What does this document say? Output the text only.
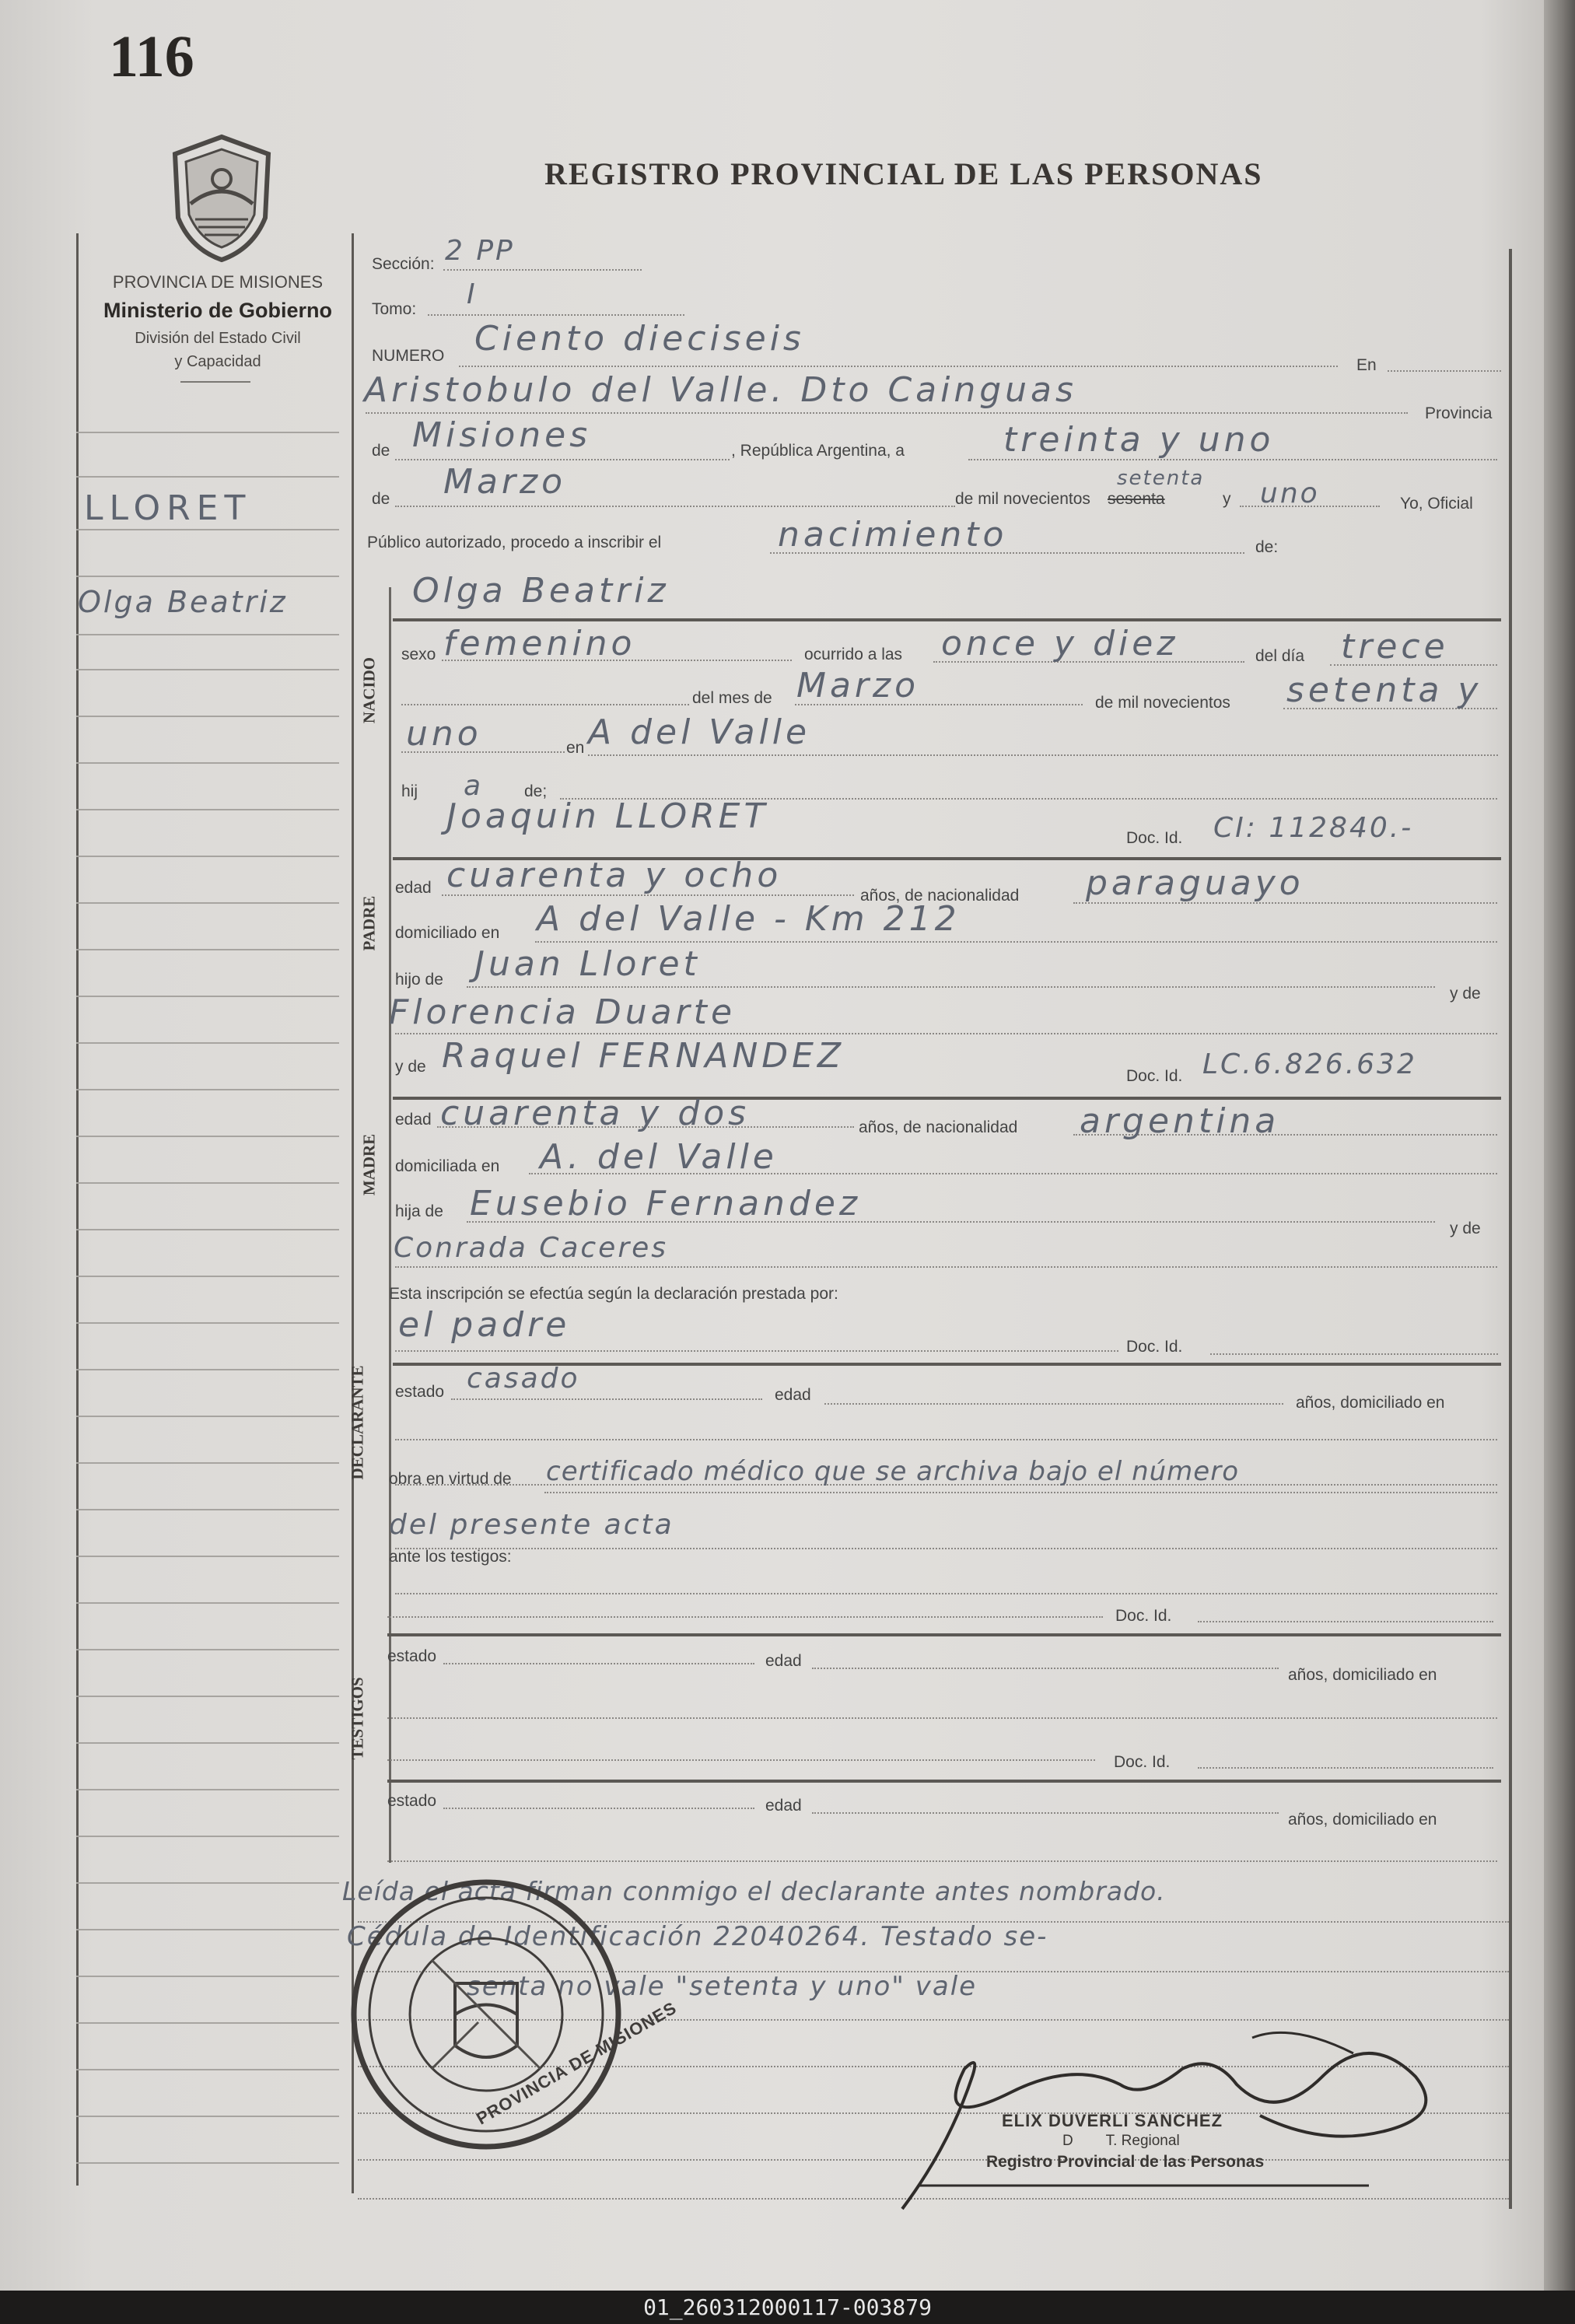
116
REGISTRO PROVINCIAL DE LAS PERSONAS
PROVINCIA DE MISIONES
Ministerio de Gobierno
División del Estado Civil
y Capacidad
LLORET
Olga Beatriz
Sección: 2 PP
Tomo: I
NUMERO Ciento dieciseis
En
Aristobulo del Valle. Dto Cainguas
Provincia
de Misiones	, República Argentina, a	treinta y uno
de Marzo	de mil novecientos sesenta
setenta
y uno	Yo, Oficial
Público autorizado, procedo a inscribir el	nacimiento	de:
NACIDO
Olga Beatriz
sexo femenino	ocurrido a las once y diez	del día trece
del mes de Marzo	de mil novecientos setenta y
uno	en A del Valle
hij a	de;
Joaquin LLORET
Doc. Id. CI: 112840.-
PADRE
edad cuarenta y ocho
años, de nacionalidad paraguayo
domiciliado en A del Valle - Km 212
hijo de Juan Lloret
y de
Florencia Duarte
y de Raquel FERNANDEZ
Doc. Id. LC.6.826.632
MADRE
edad cuarenta y dos	años, de nacionalidad argentina
domiciliada en A. del Valle
hija de Eusebio Fernandez
y de
Conrada Caceres
Esta inscripción se efectúa según la declaración prestada por:
el padre
Doc. Id.
DECLARANTE estado casado
edad	años, domiciliado en
obra en virtud de certificado médico que se archiva bajo el número
del presente acta
ante los testigos:
Doc. Id.
TESTIGOS
estado	edad
años, domiciliado en
Doc. Id.
estado	edad
años, domiciliado en
Leída el acta firman conmigo el declarante antes nombrado.
Cédula de Identificación 22040264. Testado se-
senta no vale "setenta y uno" vale
PROVINCIA DE MISIONES	ELIX DUVERLI SANCHEZ
D        T. Regional
Registro Provincial de las Personas
01_260312000117-003879
